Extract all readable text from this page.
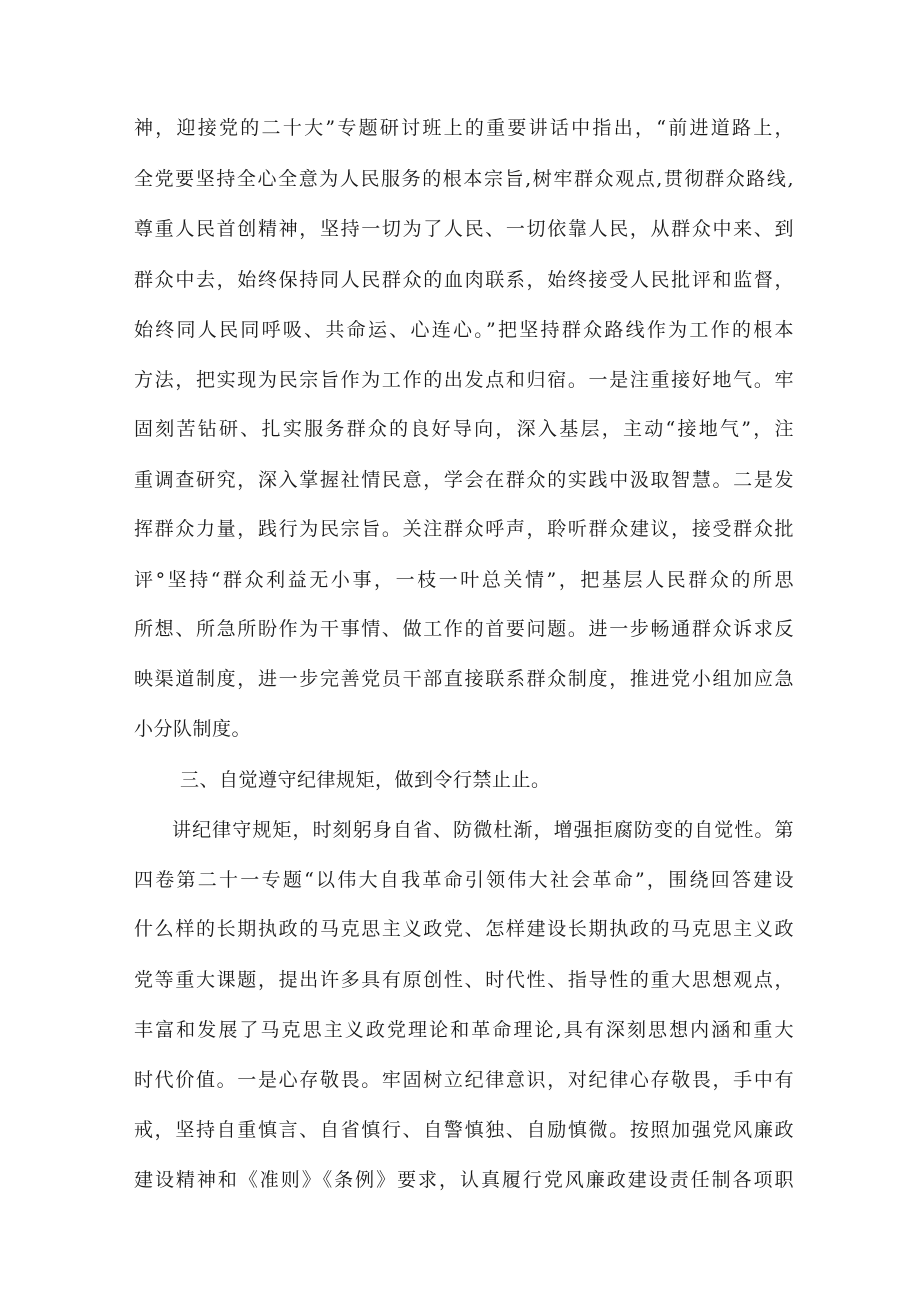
神，迎接党的二十大”专题研讨班上的重要讲话中指出，“前进道路上，
全党要坚持全心全意为人民服务的根本宗旨,树牢群众观点,贯彻群众路线,
尊重人民首创精神，坚持一切为了人民、一切依靠人民，从群众中来、到
群众中去，始终保持同人民群众的血肉联系，始终接受人民批评和监督，
始终同人民同呼吸、共命运、心连心。”把坚持群众路线作为工作的根本
方法，把实现为民宗旨作为工作的出发点和归宿。一是注重接好地气。牢
固刻苦钻研、扎实服务群众的良好导向，深入基层，主动“接地气”，注
重调查研究，深入掌握社情民意，学会在群众的实践中汲取智慧。二是发
挥群众力量，践行为民宗旨。关注群众呼声，聆听群众建议，接受群众批
评°坚持“群众利益无小事，一枝一叶总关情”，把基层人民群众的所思
所想、所急所盼作为干事情、做工作的首要问题。进一步畅通群众诉求反
映渠道制度，进一步完善党员干部直接联系群众制度，推进党小组加应急
小分队制度。
三、自觉遵守纪律规矩，做到令行禁止止。
讲纪律守规矩，时刻躬身自省、防微杜渐，增强拒腐防变的自觉性。第
四卷第二十一专题“以伟大自我革命引领伟大社会革命”，围绕回答建设
什么样的长期执政的马克思主义政党、怎样建设长期执政的马克思主义政
党等重大课题，提出许多具有原创性、时代性、指导性的重大思想观点，
丰富和发展了马克思主义政党理论和革命理论,具有深刻思想内涵和重大
时代价值。一是心存敬畏。牢固树立纪律意识，对纪律心存敬畏，手中有
戒，坚持自重慎言、自省慎行、自警慎独、自励慎微。按照加强党风廉政
建设精神和《准则》《条例》要求，认真履行党风廉政建设责任制各项职
